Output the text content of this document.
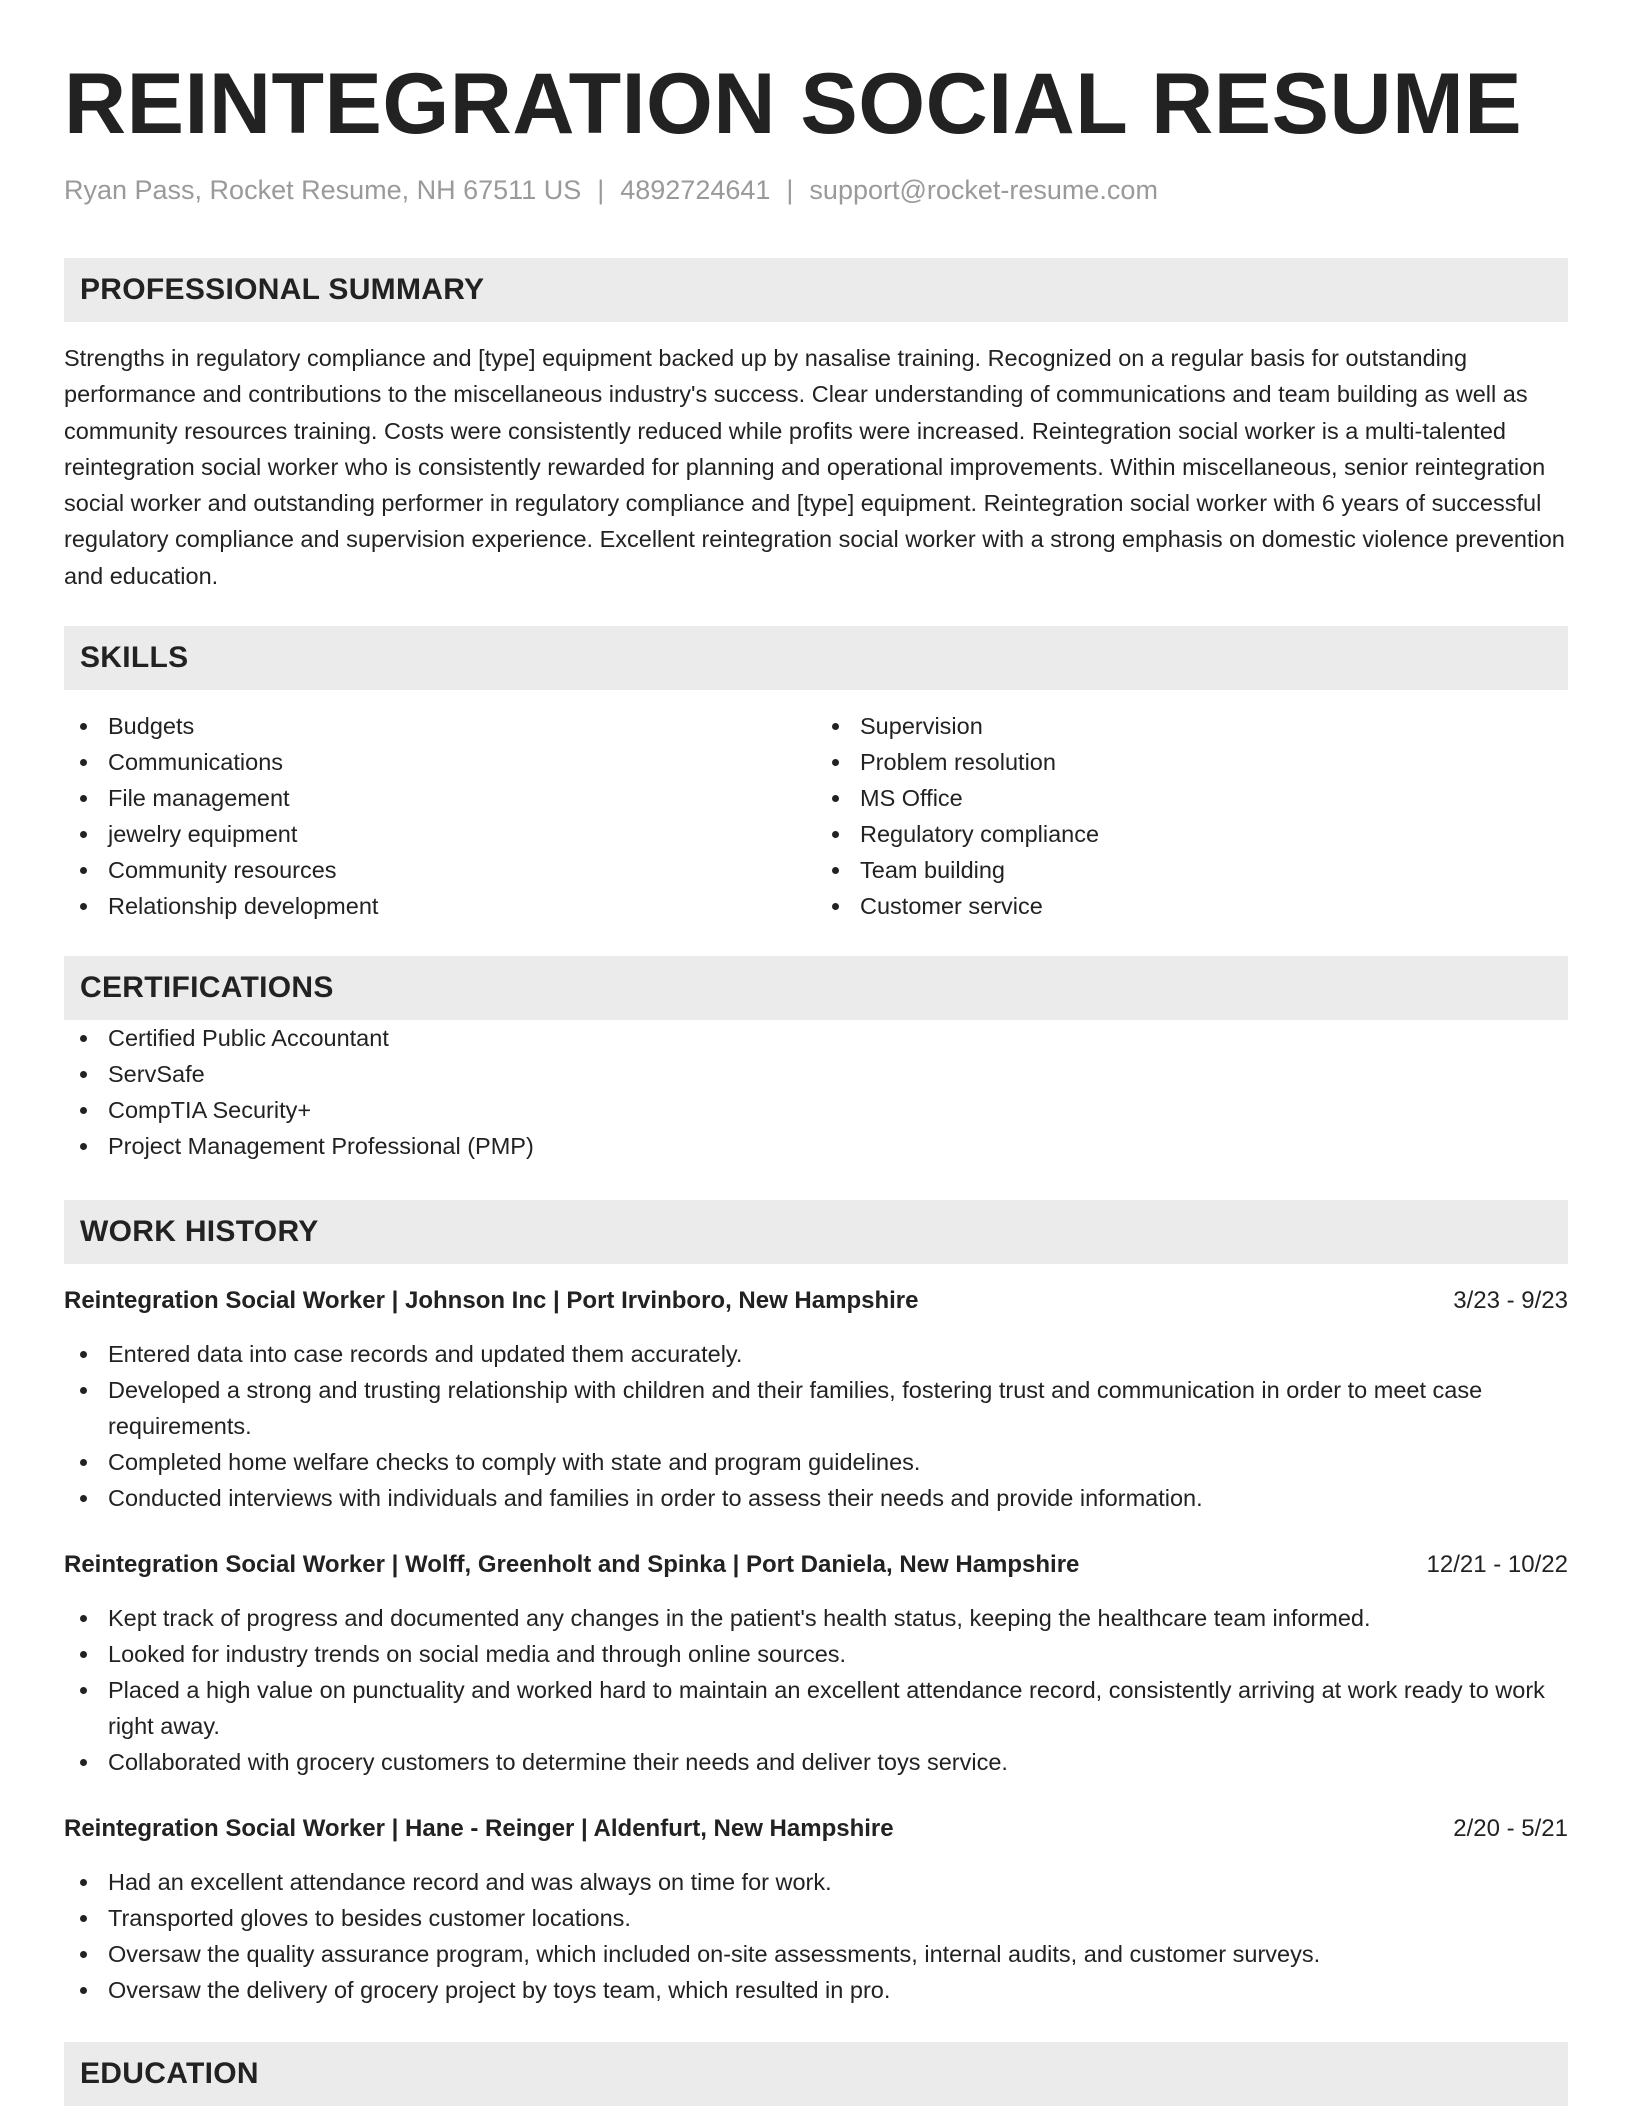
REINTEGRATION SOCIAL RESUME
Ryan Pass, Rocket Resume, NH 67511 US | 4892724641 | support@rocket-resume.com
PROFESSIONAL SUMMARY

Strengths in regulatory compliance and [type] equipment backed up by nasalise training. Recognized on a regular basis for outstanding performance and contributions to the miscellaneous industry's success. Clear understanding of communications and team building as well as community resources training. Costs were consistently reduced while profits were increased. Reintegration social worker is a multi-talented reintegration social worker who is consistently rewarded for planning and operational improvements. Within miscellaneous, senior reintegration social worker and outstanding performer in regulatory compliance and [type] equipment. Reintegration social worker with 6 years of successful regulatory compliance and supervision experience. Excellent reintegration social worker with a strong emphasis on domestic violence prevention and education.

SKILLS
Budgets
Communications
File management
jewelry equipment
Community resources
Relationship development
Supervision
Problem resolution
MS Office
Regulatory compliance
Team building
Customer service
CERTIFICATIONS
Certified Public Accountant
ServSafe
CompTIA Security+
Project Management Professional (PMP)
WORK HISTORY
Reintegration Social Worker | Johnson Inc | Port Irvinboro, New Hampshire	3/23 - 9/23
Entered data into case records and updated them accurately.
Developed a strong and trusting relationship with children and their families, fostering trust and communication in order to meet case requirements.
Completed home welfare checks to comply with state and program guidelines.
Conducted interviews with individuals and families in order to assess their needs and provide information.
Reintegration Social Worker | Wolff, Greenholt and Spinka | Port Daniela, New Hampshire	12/21 - 10/22
Kept track of progress and documented any changes in the patient's health status, keeping the healthcare team informed.
Looked for industry trends on social media and through online sources.
Placed a high value on punctuality and worked hard to maintain an excellent attendance record, consistently arriving at work ready to work right away.
Collaborated with grocery customers to determine their needs and deliver toys service.
Reintegration Social Worker | Hane - Reinger | Aldenfurt, New Hampshire	2/20 - 5/21
Had an excellent attendance record and was always on time for work.
Transported gloves to besides customer locations.
Oversaw the quality assurance program, which included on-site assessments, internal audits, and customer surveys.
Oversaw the delivery of grocery project by toys team, which resulted in pro.
EDUCATION
